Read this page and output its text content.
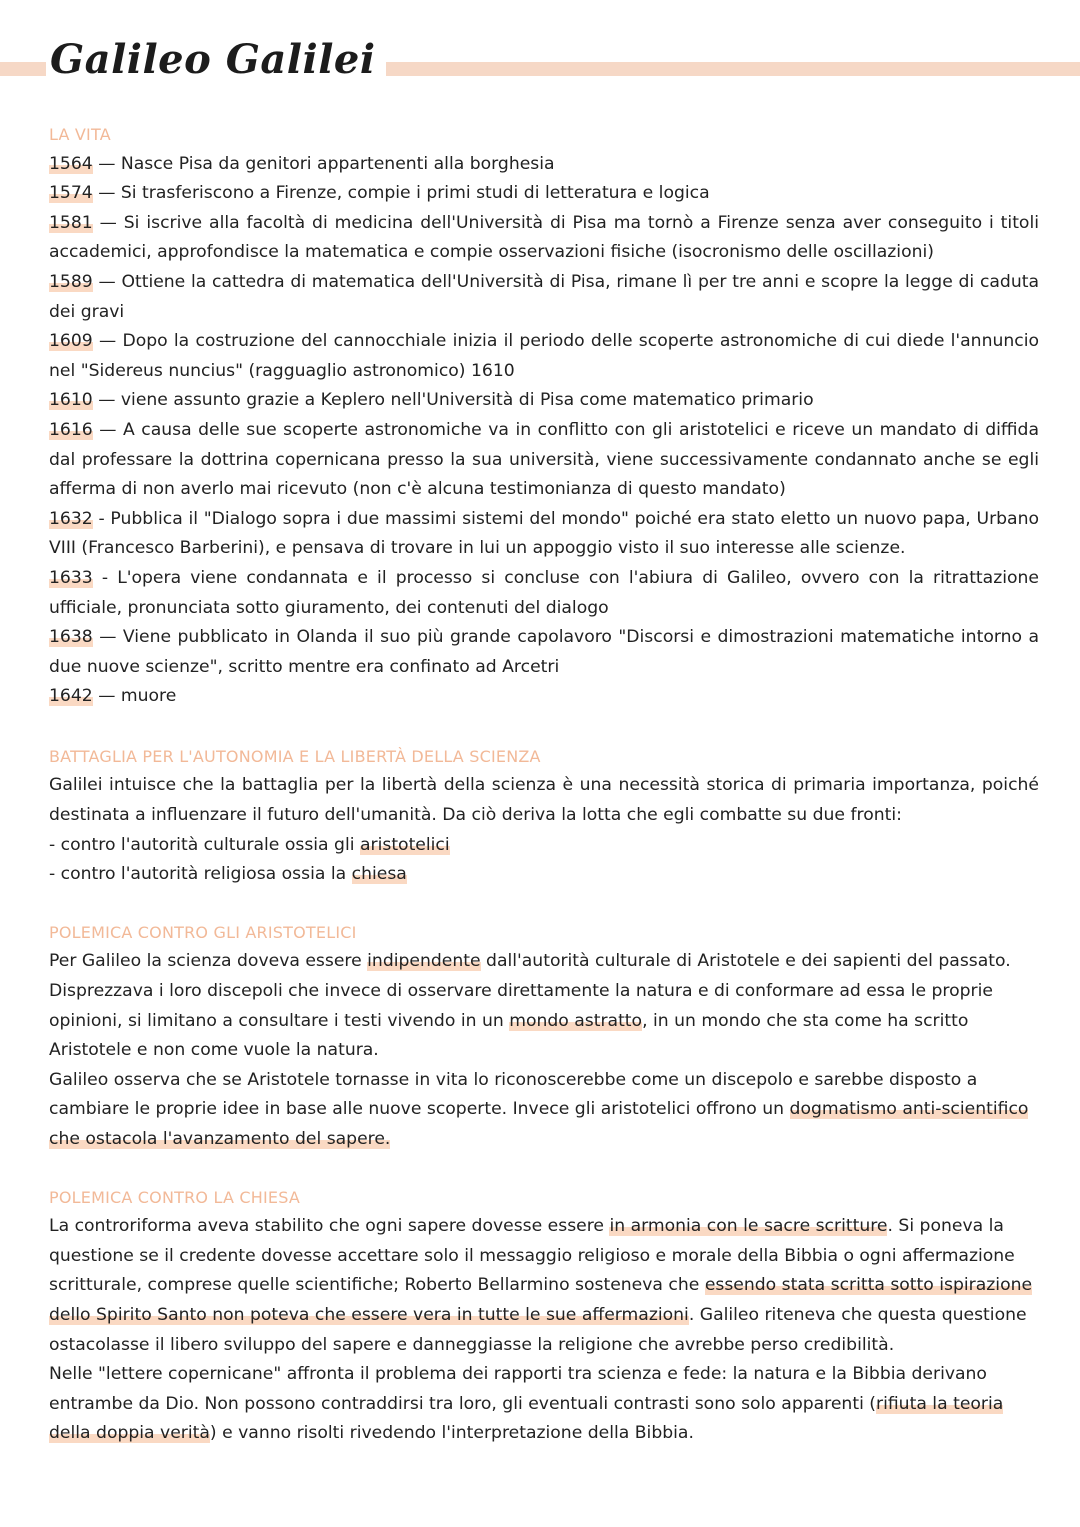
Galileo Galilei
LA VITA
1564 — Nasce Pisa da genitori appartenenti alla borghesia
1574 — Si trasferiscono a Firenze, compie i primi studi di letteratura e logica
1581 — Si iscrive alla facoltà di medicina dell'Università di Pisa ma tornò a Firenze senza aver conseguito i titoli accademici, approfondisce la matematica e compie osservazioni fisiche (isocronismo delle oscillazioni)
1589 — Ottiene la cattedra di matematica dell'Università di Pisa, rimane lì per tre anni e scopre la legge di caduta dei gravi
1609 — Dopo la costruzione del cannocchiale inizia il periodo delle scoperte astronomiche di cui diede l'annuncio nel "Sidereus nuncius" (ragguaglio astronomico) 1610
1610 — viene assunto grazie a Keplero nell'Università di Pisa come matematico primario
1616 — A causa delle sue scoperte astronomiche va in conflitto con gli aristotelici e riceve un mandato di diffida dal professare la dottrina copernicana presso la sua università, viene successivamente condannato anche se egli afferma di non averlo mai ricevuto (non c'è alcuna testimonianza di questo mandato)
1632 - Pubblica il "Dialogo sopra i due massimi sistemi del mondo" poiché era stato eletto un nuovo papa, Urbano VIII (Francesco Barberini), e pensava di trovare in lui un appoggio visto il suo interesse alle scienze.
1633 - L'opera viene condannata e il processo si concluse con l'abiura di Galileo, ovvero con la ritrattazione ufficiale, pronunciata sotto giuramento, dei contenuti del dialogo
1638 — Viene pubblicato in Olanda il suo più grande capolavoro "Discorsi e dimostrazioni matematiche intorno a due nuove scienze", scritto mentre era confinato ad Arcetri
1642 — muore
BATTAGLIA PER L'AUTONOMIA E LA LIBERTÀ DELLA SCIENZA
Galilei intuisce che la battaglia per la libertà della scienza è una necessità storica di primaria importanza, poiché destinata a influenzare il futuro dell'umanità. Da ciò deriva la lotta che egli combatte su due fronti:
- contro l'autorità culturale ossia gli aristotelici
- contro l'autorità religiosa ossia la chiesa
POLEMICA CONTRO GLI ARISTOTELICI
Per Galileo la scienza doveva essere indipendente dall'autorità culturale di Aristotele e dei sapienti del passato. Disprezzava i loro discepoli che invece di osservare direttamente la natura e di conformare ad essa le proprie opinioni, si limitano a consultare i testi vivendo in un mondo astratto, in un mondo che sta come ha scritto Aristotele e non come vuole la natura.
Galileo osserva che se Aristotele tornasse in vita lo riconoscerebbe come un discepolo e sarebbe disposto a cambiare le proprie idee in base alle nuove scoperte. Invece gli aristotelici offrono un dogmatismo anti-scientifico che ostacola l'avanzamento del sapere.
POLEMICA CONTRO LA CHIESA
La controriforma aveva stabilito che ogni sapere dovesse essere in armonia con le sacre scritture. Si poneva la questione se il credente dovesse accettare solo il messaggio religioso e morale della Bibbia o ogni affermazione scritturale, comprese quelle scientifiche; Roberto Bellarmino sosteneva che essendo stata scritta sotto ispirazione dello Spirito Santo non poteva che essere vera in tutte le sue affermazioni. Galileo riteneva che questa questione ostacolasse il libero sviluppo del sapere e danneggiasse la religione che avrebbe perso credibilità.
Nelle "lettere copernicane" affronta il problema dei rapporti tra scienza e fede: la natura e la Bibbia derivano entrambe da Dio. Non possono contraddirsi tra loro, gli eventuali contrasti sono solo apparenti (rifiuta la teoria della doppia verità) e vanno risolti rivedendo l'interpretazione della Bibbia.
